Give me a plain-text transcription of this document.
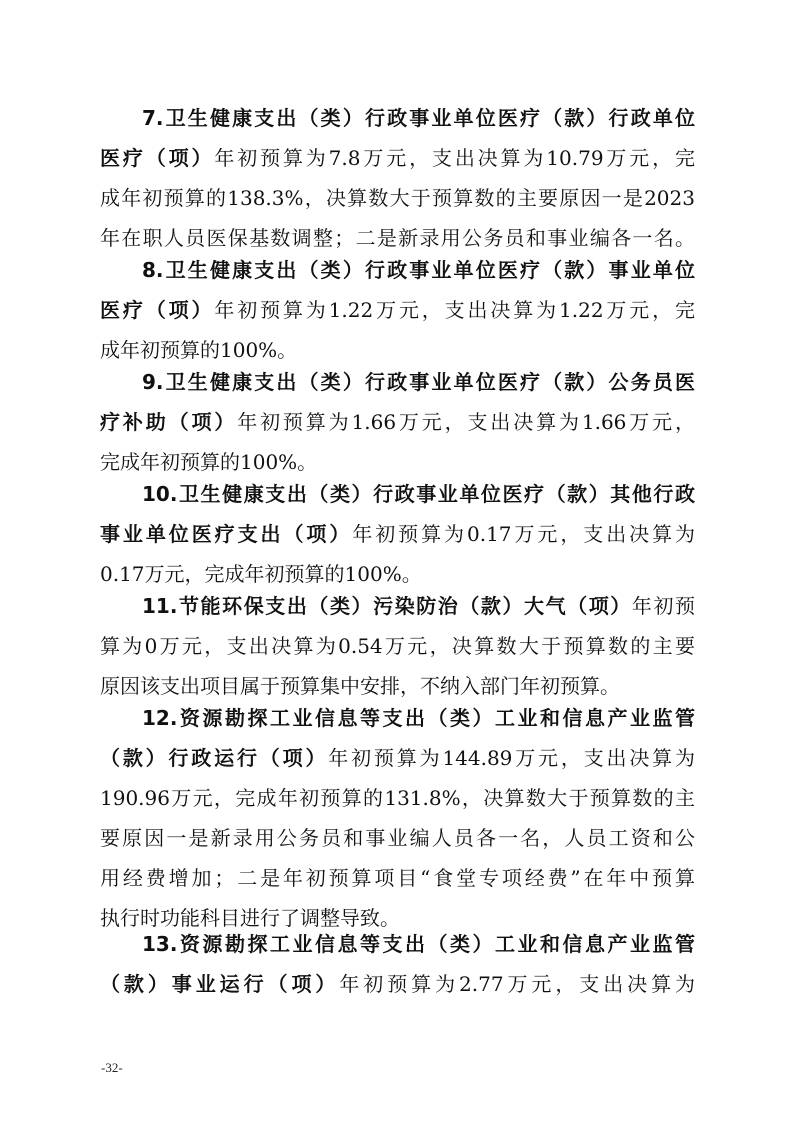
7.卫生健康支出（类）行政事业单位医疗（款）行政单位
医疗（项）年初预算为7.8万元，支出决算为10.79万元，完
成年初预算的138.3%，决算数大于预算数的主要原因一是2023
年在职人员医保基数调整；二是新录用公务员和事业编各一名。
8.卫生健康支出（类）行政事业单位医疗（款）事业单位
医疗（项）年初预算为1.22万元，支出决算为1.22万元，完
成年初预算的100%。
9.卫生健康支出（类）行政事业单位医疗（款）公务员医
疗补助（项）年初预算为1.66万元，支出决算为1.66万元，
完成年初预算的100%。
10.卫生健康支出（类）行政事业单位医疗（款）其他行政
事业单位医疗支出（项）年初预算为0.17万元，支出决算为
0.17万元，完成年初预算的100%。
11.节能环保支出（类）污染防治（款）大气（项）年初预
算为0万元，支出决算为0.54万元，决算数大于预算数的主要
原因该支出项目属于预算集中安排，不纳入部门年初预算。
12.资源勘探工业信息等支出（类）工业和信息产业监管
（款）行政运行（项）年初预算为144.89万元，支出决算为
190.96万元，完成年初预算的131.8%，决算数大于预算数的主
要原因一是新录用公务员和事业编人员各一名，人员工资和公
用经费增加；二是年初预算项目“食堂专项经费”在年中预算
执行时功能科目进行了调整导致。
13.资源勘探工业信息等支出（类）工业和信息产业监管
（款）事业运行（项）年初预算为2.77万元，支出决算为
-32-
